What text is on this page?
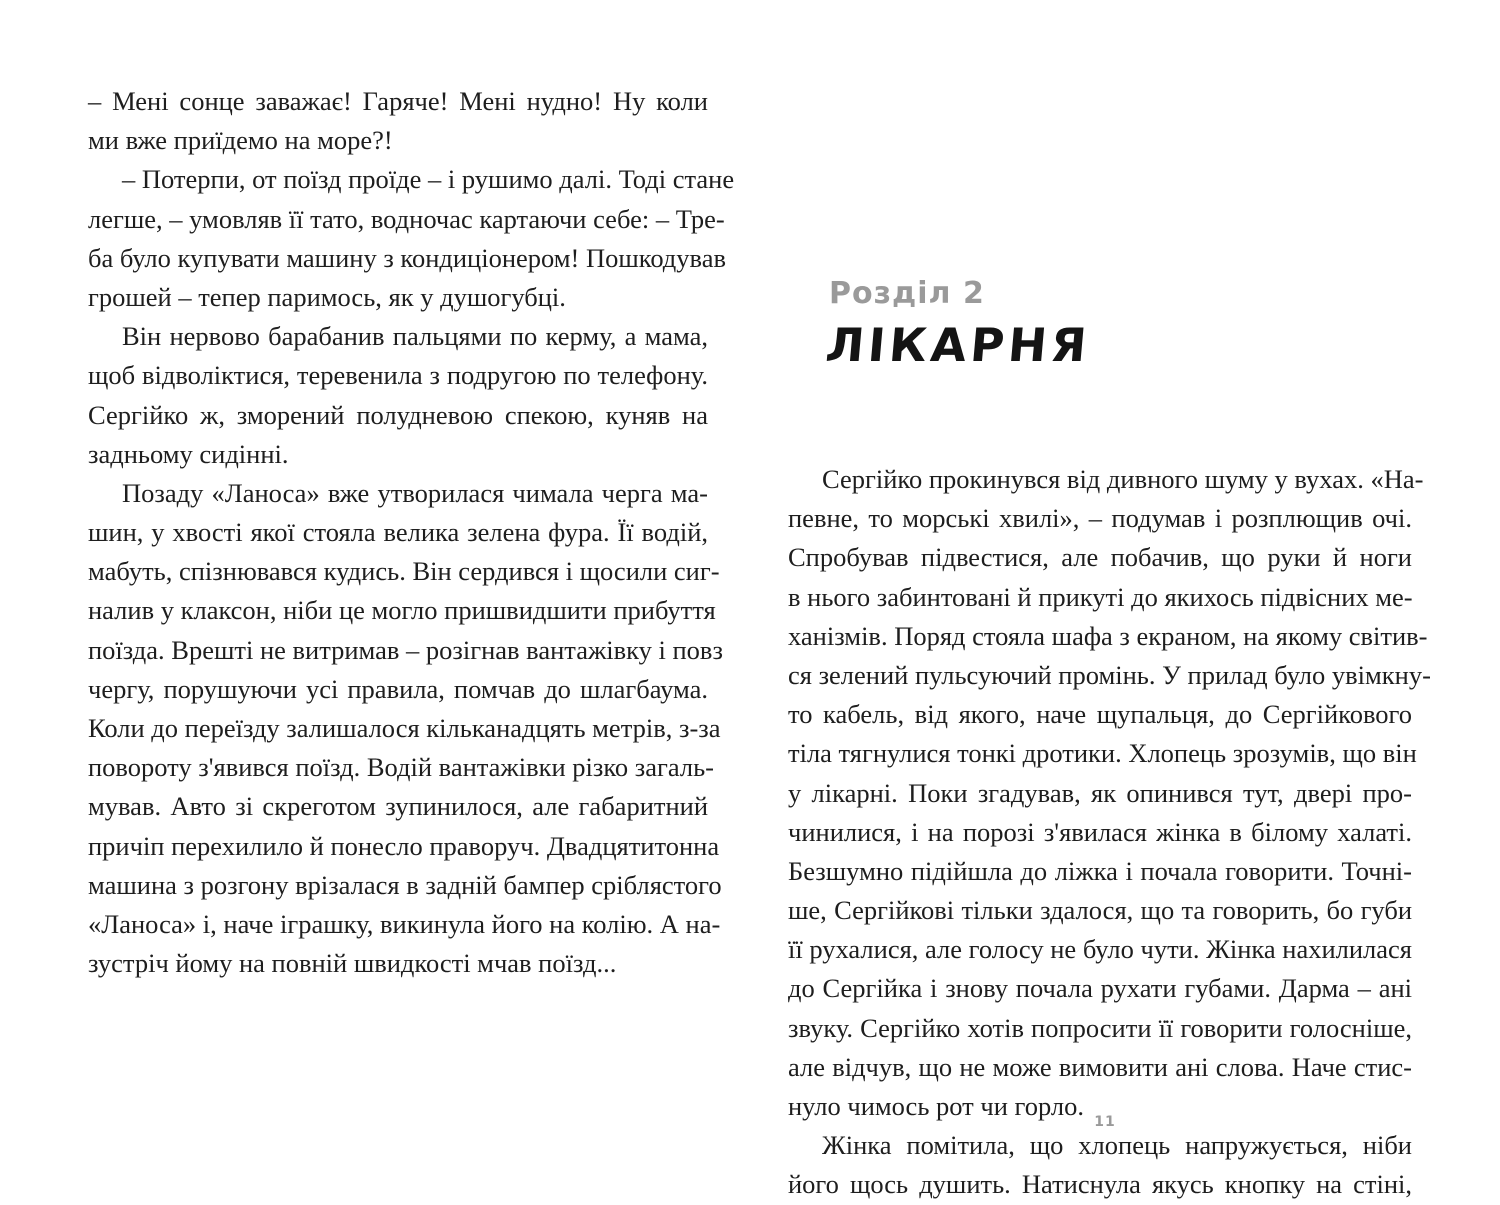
– Мені сонце заважає! Гаряче! Мені нудно! Ну коли
ми вже приїдемо на море?!
– Потерпи, от поїзд проїде – і рушимо далі. Тоді стане
легше, – умовляв її тато, водночас картаючи себе: – Тре-
ба було купувати машину з кондиціонером! Пошкодував
грошей – тепер паримось, як у душогубці.
Він нервово барабанив пальцями по керму, а мама,
щоб відволіктися, теревенила з подругою по телефону.
Сергійко ж, зморений полудневою спекою, куняв на
задньому сидінні.
Позаду «Ланоса» вже утворилася чимала черга ма-
шин, у хвості якої стояла велика зелена фура. Її водій,
мабуть, спізнювався кудись. Він сердився і щосили сиг-
налив у клаксон, ніби це могло пришвидшити прибуття
поїзда. Врешті не витримав – розігнав вантажівку і повз
чергу, порушуючи усі правила, помчав до шлагбаума.
Коли до переїзду залишалося кільканадцять метрів, з-за
повороту з'явився поїзд. Водій вантажівки різко загаль-
мував. Авто зі скреготом зупинилося, але габаритний
причіп перехилило й понесло праворуч. Двадцятитонна
машина з розгону врізалася в задній бампер сріблястого
«Ланоса» і, наче іграшку, викинула його на колію. А на-
зустріч йому на повній швидкості мчав поїзд...
Розділ 2
ЛІКАРНЯ
Сергійко прокинувся від дивного шуму у вухах. «На-
певне, то морські хвилі», – подумав і розплющив очі.
Спробував підвестися, але побачив, що руки й ноги
в нього забинтовані й прикуті до якихось підвісних ме-
ханізмів. Поряд стояла шафа з екраном, на якому світив-
ся зелений пульсуючий промінь. У прилад було увімкну-
то кабель, від якого, наче щупальця, до Сергійкового
тіла тягнулися тонкі дротики. Хлопець зрозумів, що він
у лікарні. Поки згадував, як опинився тут, двері про-
чинилися, і на порозі з'явилася жінка в білому халаті.
Безшумно підійшла до ліжка і почала говорити. Точні-
ше, Сергійкові тільки здалося, що та говорить, бо губи
її рухалися, але голосу не було чути. Жінка нахилилася
до Сергійка і знову почала рухати губами. Дарма – ані
звуку. Сергійко хотів попросити її говорити голосніше,
але відчув, що не може вимовити ані слова. Наче стис-
нуло чимось рот чи горло.
Жінка помітила, що хлопець напружується, ніби
його щось душить. Натиснула якусь кнопку на стіні,
11
